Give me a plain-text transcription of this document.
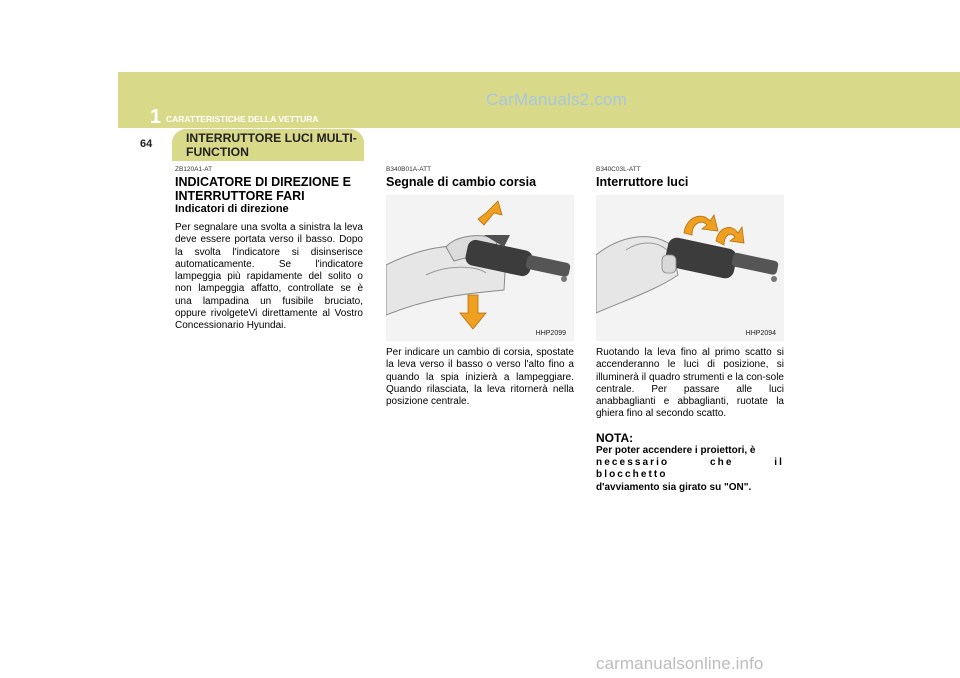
CarManuals2.com
1 CARATTERISTICHE DELLA VETTURA
64	INTERRUTTORE LUCI MULTI-FUNCTION
ZB120A1-AT
INDICATORE DI DIREZIONE E INTERRUTTORE FARI
Indicatori di direzione
Per segnalare una svolta a sinistra la leva deve essere portata verso il basso. Dopo la svolta l'indicatore si disinserisce automaticamente. Se l'indicatore lampeggia più rapidamente del solito o non lampeggia affatto, controllate se è una lampadina un fusibile bruciato, oppure rivolgeteVi direttamente al Vostro Concessionario Hyundai.
B340B01A-ATT
Segnale di cambio corsia
HHP2099
Per indicare un cambio di corsia, spostate la leva verso il basso o verso l'alto fino a quando la spia inizierà a lampeggiare. Quando rilasciata, la leva ritornerà nella posizione centrale.
B340C03L-ATT
Interruttore luci
HHP2094
Ruotando la leva fino al primo scatto si accenderanno le luci di posizione, si illuminerà il quadro strumenti e la con-sole centrale. Per passare alle luci anabbaglianti e abbaglianti, ruotate la ghiera fino al secondo scatto.
NOTA:
Per poter accendere i proiettori, è
necessario che il blocchetto
d'avviamento sia girato su "ON".
carmanualsonline.info
